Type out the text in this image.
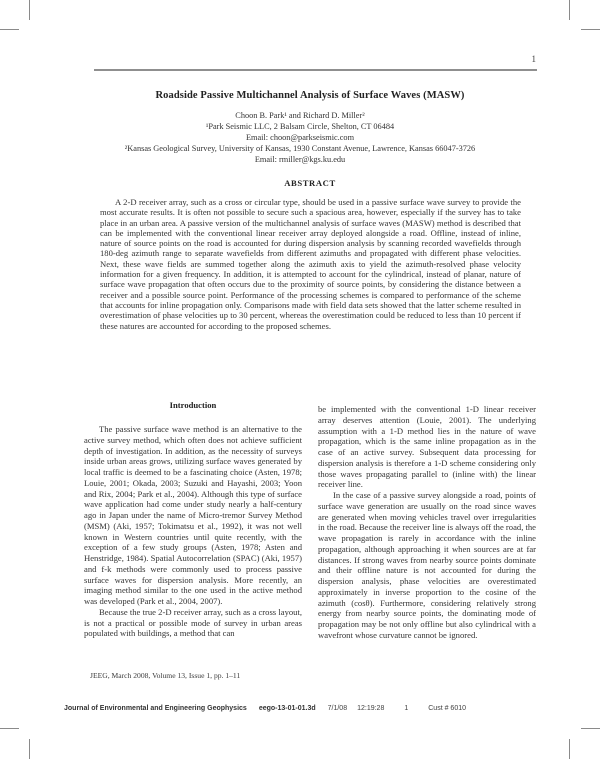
1
Roadside Passive Multichannel Analysis of Surface Waves (MASW)
Choon B. Park¹ and Richard D. Miller²
¹Park Seismic LLC, 2 Balsam Circle, Shelton, CT 06484
Email: choon@parkseismic.com
²Kansas Geological Survey, University of Kansas, 1930 Constant Avenue, Lawrence, Kansas 66047-3726
Email: rmiller@kgs.ku.edu
ABSTRACT
A 2-D receiver array, such as a cross or circular type, should be used in a passive surface wave survey to provide the most accurate results. It is often not possible to secure such a spacious area, however, especially if the survey has to take place in an urban area. A passive version of the multichannel analysis of surface waves (MASW) method is described that can be implemented with the conventional linear receiver array deployed alongside a road. Offline, instead of inline, nature of source points on the road is accounted for during dispersion analysis by scanning recorded wavefields through 180-deg azimuth range to separate wavefields from different azimuths and propagated with different phase velocities. Next, these wave fields are summed together along the azimuth axis to yield the azimuth-resolved phase velocity information for a given frequency. In addition, it is attempted to account for the cylindrical, instead of planar, nature of surface wave propagation that often occurs due to the proximity of source points, by considering the distance between a receiver and a possible source point. Performance of the processing schemes is compared to performance of the scheme that accounts for inline propagation only. Comparisons made with field data sets showed that the latter scheme resulted in overestimation of phase velocities up to 30 percent, whereas the overestimation could be reduced to less than 10 percent if these natures are accounted for according to the proposed schemes.
Introduction

The passive surface wave method is an alternative to the active survey method, which often does not achieve sufficient depth of investigation. In addition, as the necessity of surveys inside urban areas grows, utilizing surface waves generated by local traffic is deemed to be a fascinating choice (Asten, 1978; Louie, 2001; Okada, 2003; Suzuki and Hayashi, 2003; Yoon and Rix, 2004; Park et al., 2004). Although this type of surface wave application had come under study nearly a half-century ago in Japan under the name of Micro-tremor Survey Method (MSM) (Aki, 1957; Tokimatsu et al., 1992), it was not well known in Western countries until quite recently, with the exception of a few study groups (Asten, 1978; Asten and Henstridge, 1984). Spatial Autocorrelation (SPAC) (Aki, 1957) and f-k methods were commonly used to process passive surface waves for dispersion analysis. More recently, an imaging method similar to the one used in the active method was developed (Park et al., 2004, 2007).

Because the true 2-D receiver array, such as a cross layout, is not a practical or possible mode of survey in urban areas populated with buildings, a method that can

be implemented with the conventional 1-D linear receiver array deserves attention (Louie, 2001). The underlying assumption with a 1-D method lies in the nature of wave propagation, which is the same inline propagation as in the case of an active survey. Subsequent data processing for dispersion analysis is therefore a 1-D scheme considering only those waves propagating parallel to (inline with) the linear receiver line.

In the case of a passive survey alongside a road, points of surface wave generation are usually on the road since waves are generated when moving vehicles travel over irregularities in the road. Because the receiver line is always off the road, the wave propagation is rarely in accordance with the inline propagation, although approaching it when sources are at far distances. If strong waves from nearby source points dominate and their offline nature is not accounted for during the dispersion analysis, phase velocities are overestimated approximately in inverse proportion to the cosine of the azimuth (cosθ). Furthermore, considering relatively strong energy from nearby source points, the dominating mode of propagation may be not only offline but also cylindrical with a wavefront whose curvature cannot be ignored.

JEEG, March 2008, Volume 13, Issue 1, pp. 1–11
Journal of Environmental and Engineering Geophysics eego-13-01-01.3d 7/1/08 12:19:28	1	Cust # 6010
